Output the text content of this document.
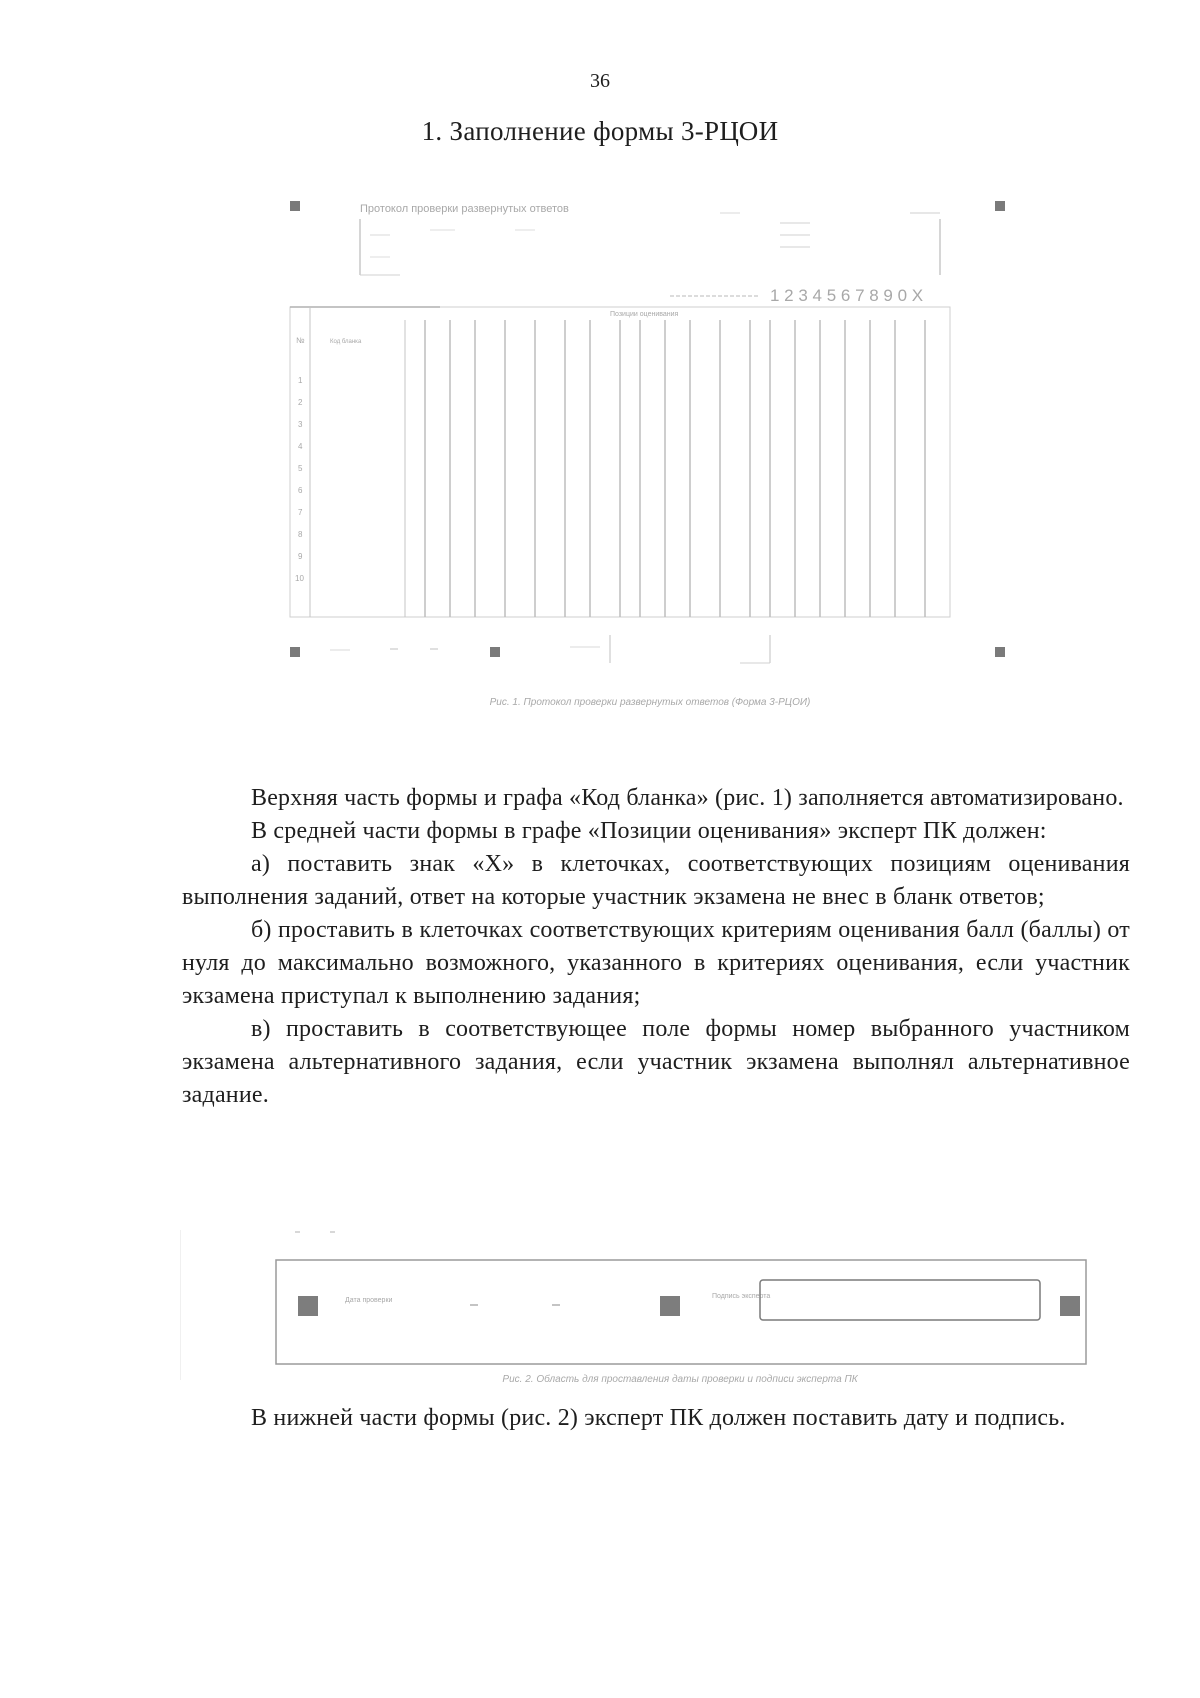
36
1. Заполнение формы 3-РЦОИ
Протокол проверки развернутых ответов
1 2 3 4 5 6 7 8 9 0 X
Позиции оценивания
№	Код бланка
1
2
3
4
5
6
7
8
9
10
Рис. 1. Протокол проверки развернутых ответов (Форма 3-РЦОИ)

Верхняя часть формы и графа «Код бланка» (рис. 1) заполняется автоматизировано.

В средней части формы в графе «Позиции оценивания» эксперт ПК должен:

а) поставить знак «X» в клеточках, соответствующих позициям оценивания выполнения заданий, ответ на которые участник экзамена не внес в бланк ответов;

б) проставить в клеточках соответствующих критериям оценивания балл (баллы) от нуля до максимально возможного, указанного в критериях оценивания, если участник экзамена приступал к выполнению задания;

в) проставить в соответствующее поле формы номер выбранного участником экзамена альтернативного задания, если участник экзамена выполнял альтернативное задание.

Дата проверки
Подпись эксперта
Рис. 2. Область для проставления даты проверки и подписи эксперта ПК

В нижней части формы (рис. 2) эксперт ПК должен поставить дату и подпись.
